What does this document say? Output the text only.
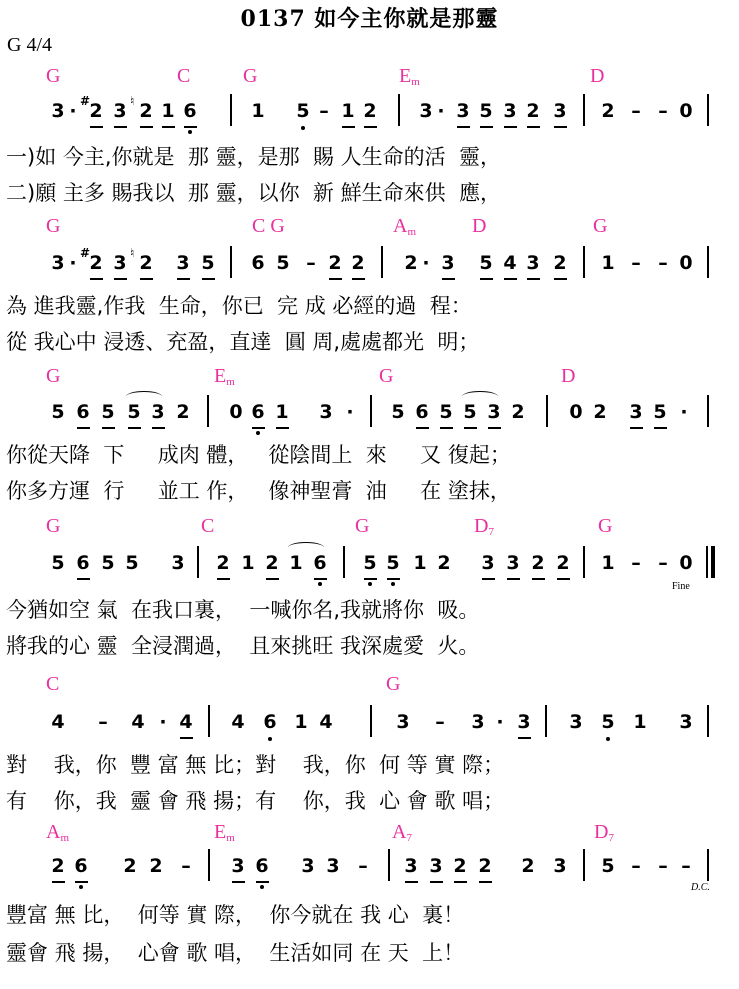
0137 如今主你就是那靈
G 4/4
G	C	G	$E_m$	D
3 · 2
# 3 2
♮ 1 6	1 5 – 1 2 3 · 3 5 3 2 3 2 – – 0
一)如 今主,你就是  那 靈，是那  賜 人生命的活  靈，
二)願 主多 賜我以  那 靈，以你  新 鮮生命來供  應，
G	C G	$A_m$	D	G
3 · 2
# 3 2
♮ 3 5 6 5 – 2 2 2 · 3 5 4 3 2 1 – – 0
為 進我靈,作我  生命，你已  完 成 必經的過  程：
從 我心中 浸透、充盈，直達  圓 周,處處都光  明；
G	$E_m$	G	D
5 6 5 5 3 2 0 6 1 3 · 5 6 5 5 3 2 0 2 3 5 ·
你從天降  下     成肉 體，   從陰間上  來     又 復起；
你多方運  行     並工 作，   像神聖膏  油     在 塗抹，
G	C	G	$D_7$	G
5 6 5 5 3 2 1 2 1 6 5 5 1 2 3 3 2 2 1 – – 0
今猶如空 氣  在我口裏，  一喊你名,我就將你  吸。
將我的心 靈  全浸潤過，  且來挑旺 我深處愛  火。
C	G
4 – 4 · 4 4 6 1 4	3 – 3 · 3 3 5 1 3
對    我，你  豐 富 無 比；對    我，你  何 等 實 際；
有    你，我  靈 會 飛 揚；有    你，我  心 會 歌 唱；
$A_m$	$E_m$	$A_7$	$D_7$
2 6 2 2 – 3 6 3 3 – 3 3 2 2 2 3 5 – – –
豐富 無 比，  何等 實 際，  你今就在 我 心  裏！
靈會 飛 揚，  心會 歌 唱，  生活如同 在 天  上！
Fine
D.C.
